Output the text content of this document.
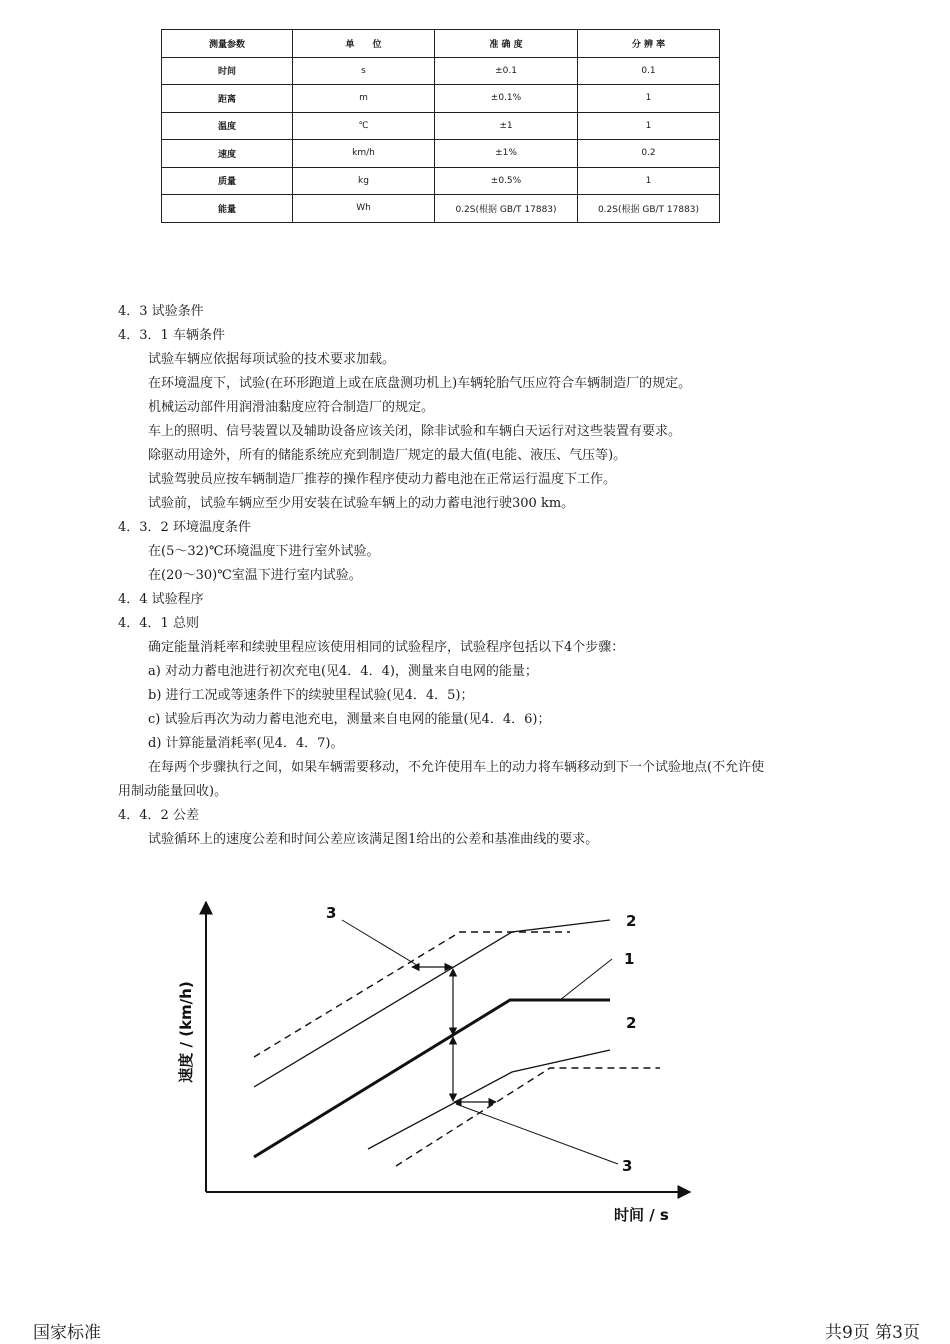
测量参数	单　　位	准 确 度	分 辨 率
时间	s	±0.1	0.1
距离	m	±0.1%	1
温度	℃	±1	1
速度	km/h	±1%	0.2
质量	kg	±0.5%	1
能量	Wh	0.2S(根据 GB/T 17883)	0.2S(根据 GB/T 17883)

4．3 试验条件

4．3．1 车辆条件

试验车辆应依据每项试验的技术要求加载。

在环境温度下，试验(在环形跑道上或在底盘测功机上)车辆轮胎气压应符合车辆制造厂的规定。

机械运动部件用润滑油黏度应符合制造厂的规定。

车上的照明、信号装置以及辅助设备应该关闭，除非试验和车辆白天运行对这些装置有要求。

除驱动用途外，所有的储能系统应充到制造厂规定的最大值(电能、液压、气压等)。

试验驾驶员应按车辆制造厂推荐的操作程序使动力蓄电池在正常运行温度下工作。

试验前，试验车辆应至少用安装在试验车辆上的动力蓄电池行驶300 km。

4．3．2 环境温度条件

在(5～32)℃环境温度下进行室外试验。

在(20～30)℃室温下进行室内试验。

4．4 试验程序

4．4．1 总则

确定能量消耗率和续驶里程应该使用相同的试验程序，试验程序包括以下4个步骤：

a) 对动力蓄电池进行初次充电(见4．4．4)，测量来自电网的能量；

b) 进行工况或等速条件下的续驶里程试验(见4．4．5)；

c) 试验后再次为动力蓄电池充电，测量来自电网的能量(见4．4．6)；

d) 计算能量消耗率(见4．4．7)。

在每两个步骤执行之间，如果车辆需要移动，不允许使用车上的动力将车辆移动到下一个试验地点(不允许使

用制动能量回收)。

4．4．2 公差

试验循环上的速度公差和时间公差应该满足图1给出的公差和基准曲线的要求。

3	2
1
2
3
速度 / (km/h)
时间 / s
国家标准	共9页 第3页
